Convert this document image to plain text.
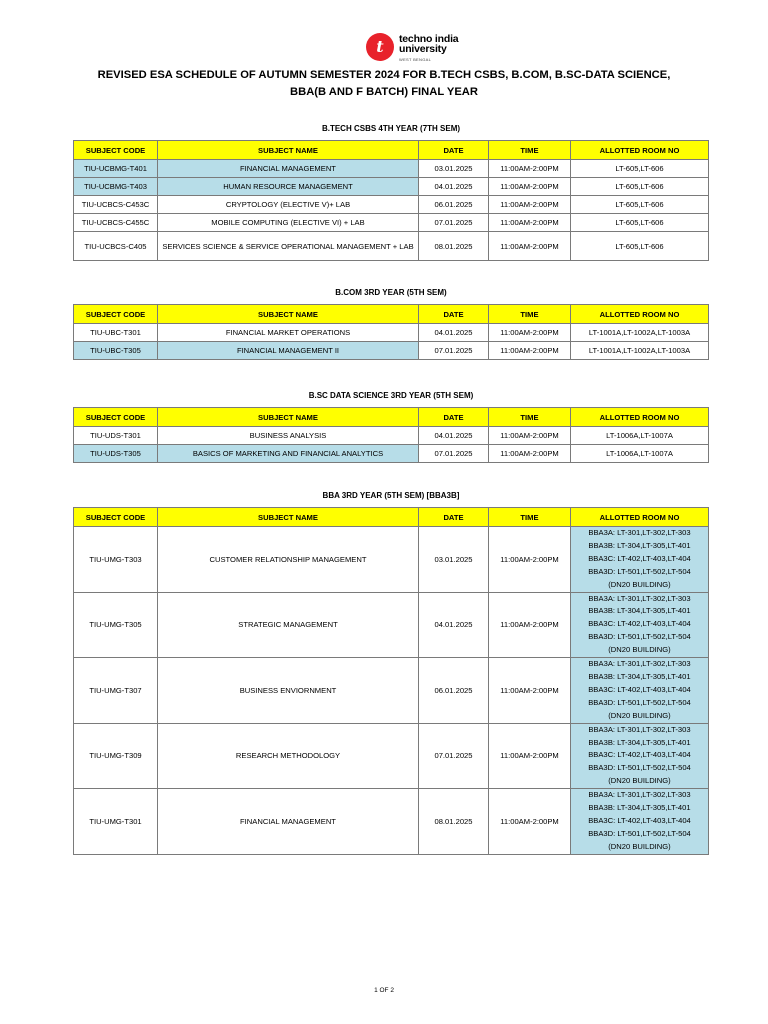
t	techno india
university
WEST BENGAL
REVISED ESA SCHEDULE OF AUTUMN SEMESTER 2024 FOR B.TECH CSBS, B.COM, B.SC-DATA SCIENCE,
BBA(B AND F BATCH) FINAL YEAR
B.TECH CSBS 4TH YEAR (7TH SEM)
SUBJECT CODE	SUBJECT NAME	DATE	TIME	ALLOTTED ROOM NO
TIU-UCBMG-T401	FINANCIAL MANAGEMENT	03.01.2025	11:00AM-2:00PM	LT-605,LT-606
TIU-UCBMG-T403	HUMAN RESOURCE MANAGEMENT	04.01.2025	11:00AM-2:00PM	LT-605,LT-606
TIU-UCBCS-C453C	CRYPTOLOGY (ELECTIVE V)+ LAB	06.01.2025	11:00AM-2:00PM	LT-605,LT-606
TIU-UCBCS-C455C	MOBILE COMPUTING (ELECTIVE VI) + LAB	07.01.2025	11:00AM-2:00PM	LT-605,LT-606
TIU-UCBCS-C405	SERVICES SCIENCE & SERVICE OPERATIONAL MANAGEMENT + LAB	08.01.2025	11:00AM-2:00PM	LT-605,LT-606
B.COM 3RD YEAR (5TH SEM)
SUBJECT CODE	SUBJECT NAME	DATE	TIME	ALLOTTED ROOM NO
TIU-UBC-T301	FINANCIAL MARKET OPERATIONS	04.01.2025	11:00AM-2:00PM	LT-1001A,LT-1002A,LT-1003A
TIU-UBC-T305	FINANCIAL MANAGEMENT II	07.01.2025	11:00AM-2:00PM	LT-1001A,LT-1002A,LT-1003A
B.SC DATA SCIENCE 3RD YEAR (5TH SEM)
SUBJECT CODE	SUBJECT NAME	DATE	TIME	ALLOTTED ROOM NO
TIU-UDS-T301	BUSINESS ANALYSIS	04.01.2025	11:00AM-2:00PM	LT-1006A,LT-1007A
TIU-UDS-T305	BASICS OF MARKETING AND FINANCIAL ANALYTICS	07.01.2025	11:00AM-2:00PM	LT-1006A,LT-1007A
BBA 3RD YEAR (5TH SEM) [BBA3B]
SUBJECT CODE	SUBJECT NAME	DATE	TIME	ALLOTTED ROOM NO
TIU-UMG-T303	CUSTOMER RELATIONSHIP MANAGEMENT	03.01.2025	11:00AM-2:00PM	BBA3A: LT-301,LT-302,LT-303
BBA3B: LT-304,LT-305,LT-401
BBA3C: LT-402,LT-403,LT-404
BBA3D: LT-501,LT-502,LT-504
(DN20 BUILDING)

TIU-UMG-T305	STRATEGIC MANAGEMENT	04.01.2025	11:00AM-2:00PM	BBA3A: LT-301,LT-302,LT-303
BBA3B: LT-304,LT-305,LT-401
BBA3C: LT-402,LT-403,LT-404
BBA3D: LT-501,LT-502,LT-504
(DN20 BUILDING)

TIU-UMG-T307	BUSINESS ENVIORNMENT	06.01.2025	11:00AM-2:00PM	BBA3A: LT-301,LT-302,LT-303
BBA3B: LT-304,LT-305,LT-401
BBA3C: LT-402,LT-403,LT-404
BBA3D: LT-501,LT-502,LT-504
(DN20 BUILDING)

TIU-UMG-T309	RESEARCH METHODOLOGY	07.01.2025	11:00AM-2:00PM	BBA3A: LT-301,LT-302,LT-303
BBA3B: LT-304,LT-305,LT-401
BBA3C: LT-402,LT-403,LT-404
BBA3D: LT-501,LT-502,LT-504
(DN20 BUILDING)

TIU-UMG-T301	FINANCIAL MANAGEMENT	08.01.2025	11:00AM-2:00PM	BBA3A: LT-301,LT-302,LT-303
BBA3B: LT-304,LT-305,LT-401
BBA3C: LT-402,LT-403,LT-404
BBA3D: LT-501,LT-502,LT-504
(DN20 BUILDING)
1 OF 2
